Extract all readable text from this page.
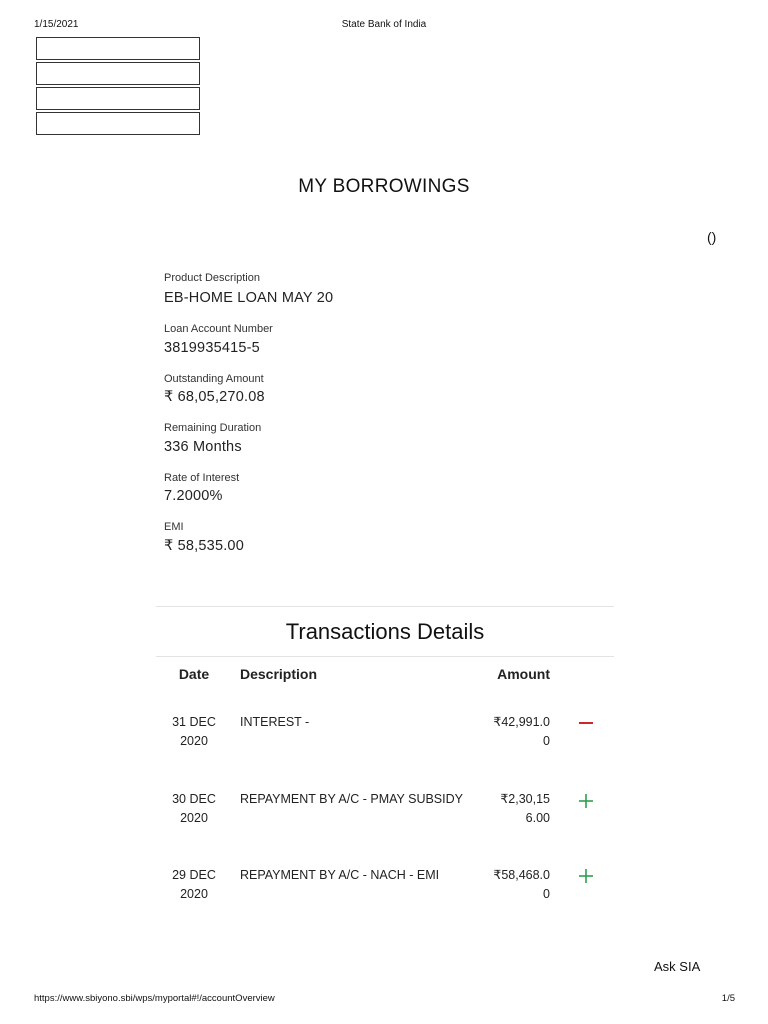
1/15/2021	State Bank of India
MY BORROWINGS
()
Product Description
EB-HOME LOAN MAY 20
Loan Account Number
3819935415-5
Outstanding Amount
₹ 68,05,270.08
Remaining Duration
336 Months
Rate of Interest
7.2000%
EMI
₹ 58,535.00
Transactions Details
Date	Description	Amount
31 DEC
2020
INTEREST -	₹42,991.00
30 DEC
2020
REPAYMENT BY A/C - PMAY SUBSIDY	₹2,30,156.00
29 DEC
2020
REPAYMENT BY A/C - NACH - EMI	₹58,468.00
Ask SIA
https://www.sbiyono.sbi/wps/myportal#!/accountOverview	1/5
